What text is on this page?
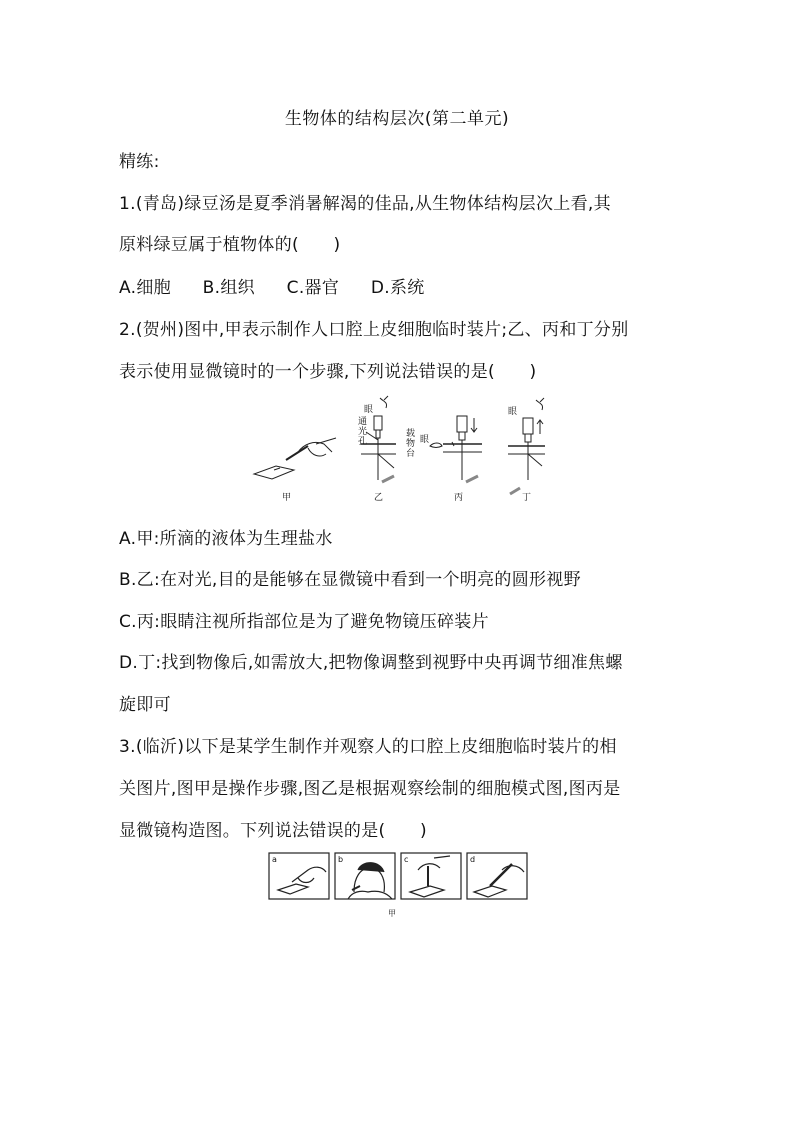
生物体的结构层次(第二单元)
精练:
1.(青岛)绿豆汤是夏季消暑解渴的佳品,从生物体结构层次上看,其
原料绿豆属于植物体的(　　)
A.细胞 B.组织 C.器官 D.系统
2.(贺州)图中,甲表示制作人口腔上皮细胞临时装片;乙、丙和丁分别
表示使用显微镜时的一个步骤,下列说法错误的是(　　)
眼
通
光
孔
载
物
台
眼
眼
甲	乙	丙	丁
A.甲:所滴的液体为生理盐水
B.乙:在对光,目的是能够在显微镜中看到一个明亮的圆形视野
C.丙:眼睛注视所指部位是为了避免物镜压碎装片
D.丁:找到物像后,如需放大,把物像调整到视野中央再调节细准焦螺
旋即可
3.(临沂)以下是某学生制作并观察人的口腔上皮细胞临时装片的相
关图片,图甲是操作步骤,图乙是根据观察绘制的细胞模式图,图丙是
显微镜构造图。下列说法错误的是(　　)
a	b	c	d
甲
